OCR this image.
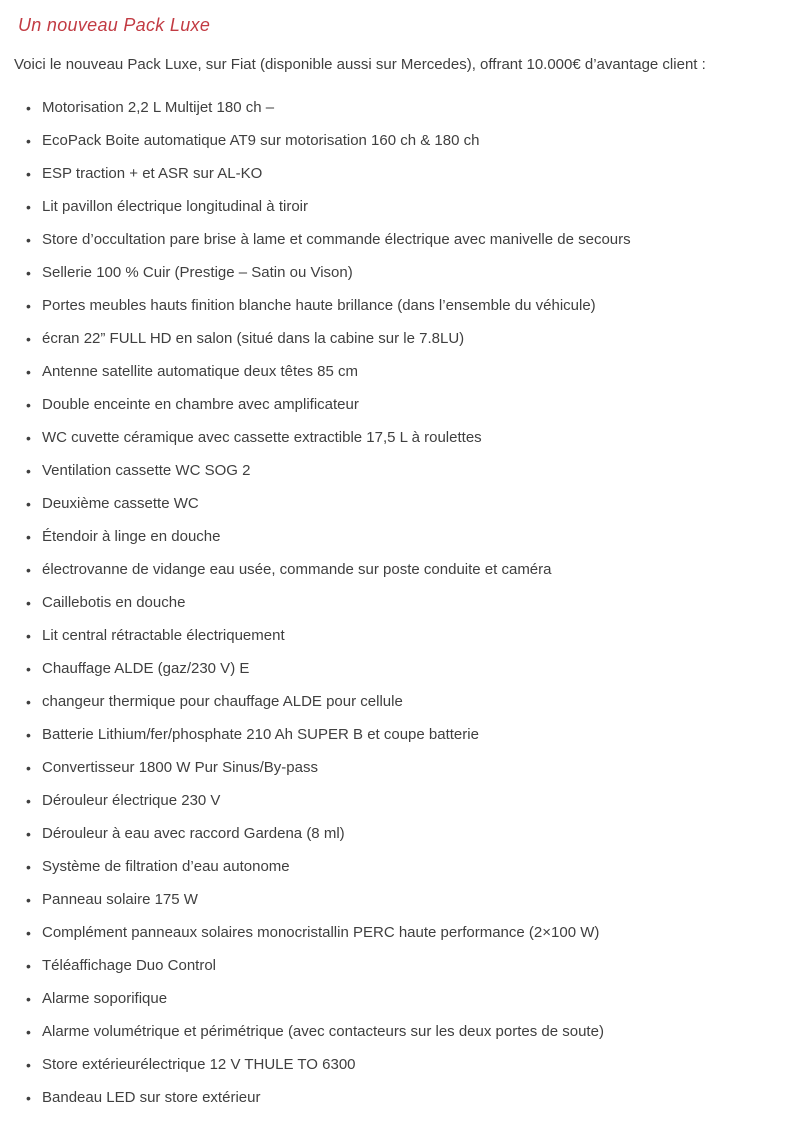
Un nouveau Pack Luxe

Voici le nouveau Pack Luxe, sur Fiat (disponible aussi sur Mercedes), offrant 10.000€ d’avantage client :

• Motorisation 2,2 L Multijet 180 ch –
• EcoPack Boite automatique AT9 sur motorisation 160 ch & 180 ch
• ESP traction + et ASR sur AL-KO
• Lit pavillon électrique longitudinal à tiroir
• Store d’occultation pare brise à lame et commande électrique avec manivelle de secours
• Sellerie 100 % Cuir (Prestige – Satin ou Vison)
• Portes meubles hauts finition blanche haute brillance (dans l’ensemble du véhicule)
• écran 22” FULL HD en salon (situé dans la cabine sur le 7.8LU)
• Antenne satellite automatique deux têtes 85 cm
• Double enceinte en chambre avec amplificateur
• WC cuvette céramique avec cassette extractible 17,5 L à roulettes
• Ventilation cassette WC SOG 2
• Deuxième cassette WC
• Étendoir à linge en douche
• électrovanne de vidange eau usée, commande sur poste conduite et caméra
• Caillebotis en douche
• Lit central rétractable électriquement
• Chauffage ALDE (gaz/230 V) E
• changeur thermique pour chauffage ALDE pour cellule
• Batterie Lithium/fer/phosphate 210 Ah SUPER B et coupe batterie
• Convertisseur 1800 W Pur Sinus/By-pass
• Dérouleur électrique 230 V
• Dérouleur à eau avec raccord Gardena (8 ml)
• Système de filtration d’eau autonome
• Panneau solaire 175 W
• Complément panneaux solaires monocristallin PERC haute performance (2×100 W)
• Téléaffichage Duo Control
• Alarme soporifique
• Alarme volumétrique et périmétrique (avec contacteurs sur les deux portes de soute)
• Store extérieurélectrique 12 V THULE TO 6300
• Bandeau LED sur store extérieur
